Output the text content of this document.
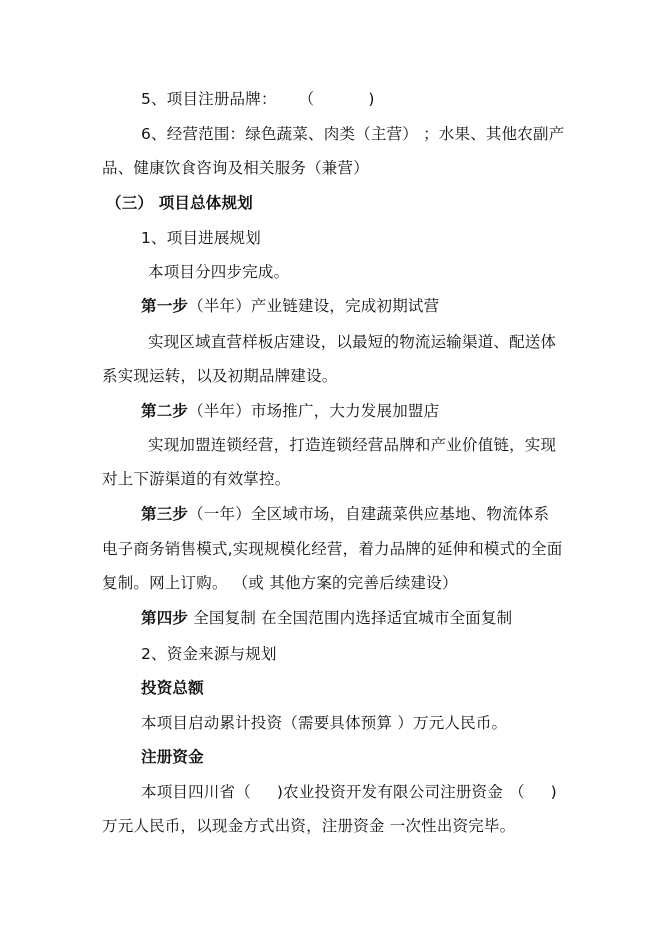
5、项目注册品牌： （	)
6、经营范围：绿色蔬菜、肉类（主营） ；水果、其他农副产
品、健康饮食咨询及相关服务（兼营）
（三） 项目总体规划
1、项目进展规划
本项目分四步完成。
第一步（半年）产业链建设，完成初期试营
实现区域直营样板店建设，以最短的物流运输渠道、配送体
系实现运转，以及初期品牌建设。
第二步（半年）市场推广，大力发展加盟店
实现加盟连锁经营，打造连锁经营品牌和产业价值链，实现
对上下游渠道的有效掌控。
第三步（一年）全区域市场，自建蔬菜供应基地、物流体系
电子商务销售模式,实现规模化经营，着力品牌的延伸和模式的全面
复制。网上订购。 （或 其他方案的完善后续建设）
第四步 全国复制 在全国范围内选择适宜城市全面复制
2、资金来源与规划
投资总额
本项目启动累计投资（需要具体预算 ）万元人民币。
注册资金
本项目四川省（ )农业投资开发有限公司注册资金 （ )
万元人民币，以现金方式出资，注册资金 一次性出资完毕。
